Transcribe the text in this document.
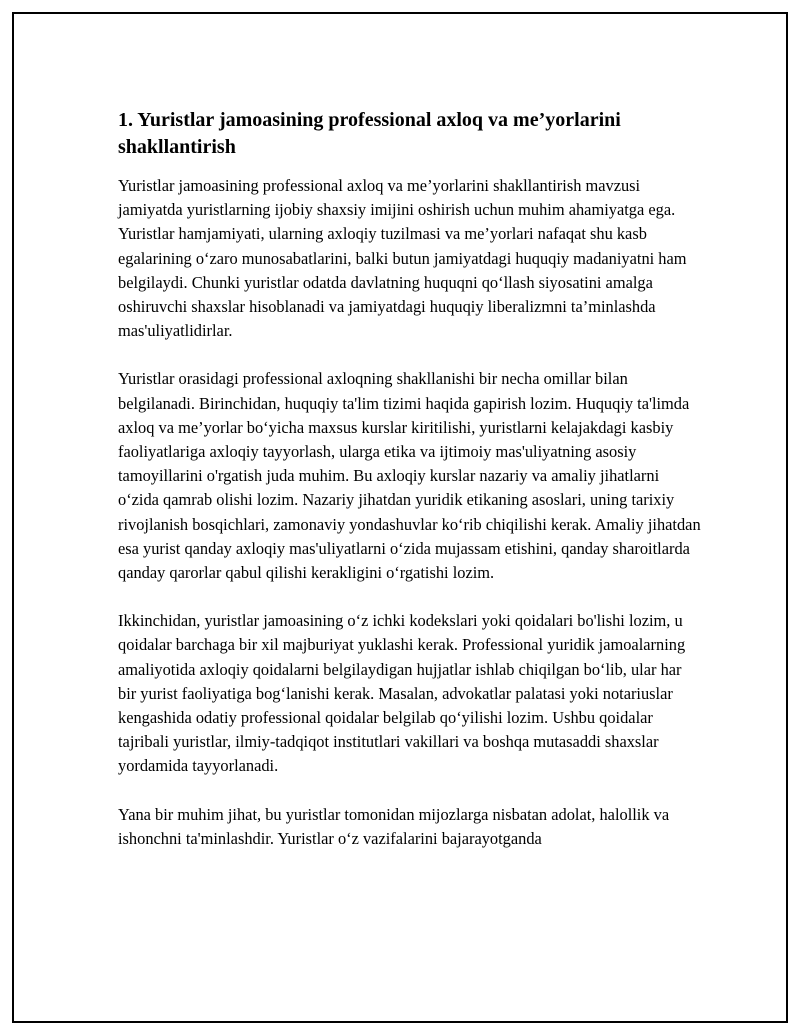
1. Yuristlar jamoasining professional axloq va me’yorlarini shakllantirish

Yuristlar jamoasining professional axloq va me’yorlarini shakllantirish mavzusi jamiyatda yuristlarning ijobiy shaxsiy imijini oshirish uchun muhim ahamiyatga ega. Yuristlar hamjamiyati, ularning axloqiy tuzilmasi va me’yorlari nafaqat shu kasb egalarining o‘zaro munosabatlarini, balki butun jamiyatdagi huquqiy madaniyatni ham belgilaydi. Chunki yuristlar odatda davlatning huquqni qo‘llash siyosatini amalga oshiruvchi shaxslar hisoblanadi va jamiyatdagi huquqiy liberalizmni ta’minlashda mas'uliyatlidirlar.

Yuristlar orasidagi professional axloqning shakllanishi bir necha omillar bilan belgilanadi. Birinchidan, huquqiy ta'lim tizimi haqida gapirish lozim. Huquqiy ta'limda axloq va me’yorlar bo‘yicha maxsus kurslar kiritilishi, yuristlarni kelajakdagi kasbiy faoliyatlariga axloqiy tayyorlash, ularga etika va ijtimoiy mas'uliyatning asosiy tamoyillarini o'rgatish juda muhim. Bu axloqiy kurslar nazariy va amaliy jihatlarni o‘zida qamrab olishi lozim. Nazariy jihatdan yuridik etikaning asoslari, uning tarixiy rivojlanish bosqichlari, zamonaviy yondashuvlar ko‘rib chiqilishi kerak. Amaliy jihatdan esa yurist qanday axloqiy mas'uliyatlarni o‘zida mujassam etishini, qanday sharoitlarda qanday qarorlar qabul qilishi kerakligini o‘rgatishi lozim.

Ikkinchidan, yuristlar jamoasining o‘z ichki kodekslari yoki qoidalari bo'lishi lozim, u qoidalar barchaga bir xil majburiyat yuklashi kerak. Professional yuridik jamoalarning amaliyotida axloqiy qoidalarni belgilaydigan hujjatlar ishlab chiqilgan bo‘lib, ular har bir yurist faoliyatiga bog‘lanishi kerak. Masalan, advokatlar palatasi yoki notariuslar kengashida odatiy professional qoidalar belgilab qo‘yilishi lozim. Ushbu qoidalar tajribali yuristlar, ilmiy-tadqiqot institutlari vakillari va boshqa mutasaddi shaxslar yordamida tayyorlanadi.

Yana bir muhim jihat, bu yuristlar tomonidan mijozlarga nisbatan adolat, halollik va ishonchni ta'minlashdir. Yuristlar o‘z vazifalarini bajarayotganda
